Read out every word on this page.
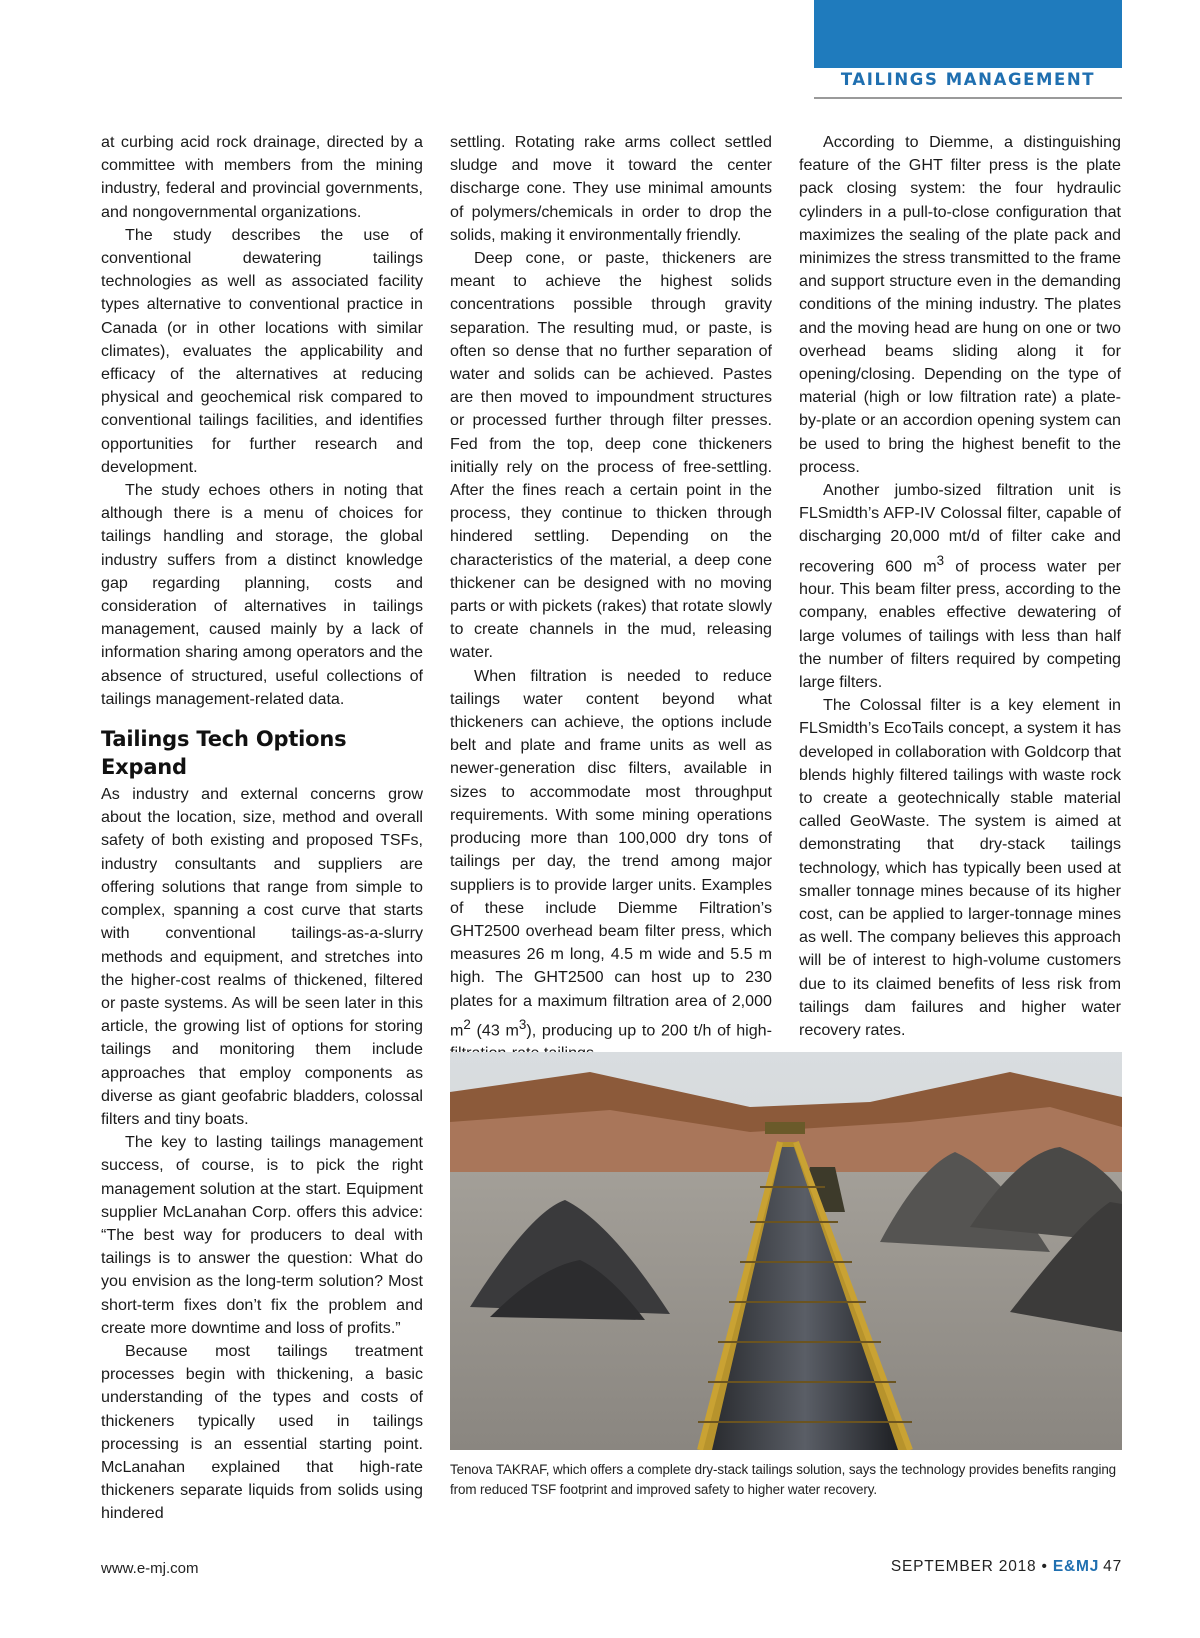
TAILINGS MANAGEMENT

at curbing acid rock drainage, directed by a committee with members from the mining industry, federal and provincial governments, and nongovernmental organizations.

The study describes the use of conventional dewatering tailings technologies as well as associated facility types alternative to conventional practice in Canada (or in other locations with similar climates), evaluates the applicability and efficacy of the alternatives at reducing physical and geochemical risk compared to conventional tailings facilities, and identifies opportunities for further research and development.

The study echoes others in noting that although there is a menu of choices for tailings handling and storage, the global industry suffers from a distinct knowledge gap regarding planning, costs and consideration of alternatives in tailings management, caused mainly by a lack of information sharing among operators and the absence of structured, useful collections of tailings management-related data.

Tailings Tech Options Expand

As industry and external concerns grow about the location, size, method and overall safety of both existing and proposed TSFs, industry consultants and suppliers are offering solutions that range from simple to complex, spanning a cost curve that starts with conventional tailings-as-a-slurry methods and equipment, and stretches into the higher-cost realms of thickened, filtered or paste systems. As will be seen later in this article, the growing list of options for storing tailings and monitoring them include approaches that employ components as diverse as giant geofabric bladders, colossal filters and tiny boats.

The key to lasting tailings management success, of course, is to pick the right management solution at the start. Equipment supplier McLanahan Corp. offers this advice: “The best way for producers to deal with tailings is to answer the question: What do you envision as the long-term solution? Most short-term fixes don’t fix the problem and create more downtime and loss of profits.”

Because most tailings treatment processes begin with thickening, a basic understanding of the types and costs of thickeners typically used in tailings processing is an essential starting point. McLanahan explained that high-rate thickeners separate liquids from solids using hindered

settling. Rotating rake arms collect settled sludge and move it toward the center discharge cone. They use minimal amounts of polymers/chemicals in order to drop the solids, making it environmentally friendly.

Deep cone, or paste, thickeners are meant to achieve the highest solids concentrations possible through gravity separation. The resulting mud, or paste, is often so dense that no further separation of water and solids can be achieved. Pastes are then moved to impoundment structures or processed further through filter presses. Fed from the top, deep cone thickeners initially rely on the process of free-settling. After the fines reach a certain point in the process, they continue to thicken through hindered settling. Depending on the characteristics of the material, a deep cone thickener can be designed with no moving parts or with pickets (rakes) that rotate slowly to create channels in the mud, releasing water.

When filtration is needed to reduce tailings water content beyond what thickeners can achieve, the options include belt and plate and frame units as well as newer-generation disc filters, available in sizes to accommodate most throughput requirements. With some mining operations producing more than 100,000 dry tons of tailings per day, the trend among major suppliers is to provide larger units. Examples of these include Diemme Filtration’s GHT2500 overhead beam filter press, which measures 26 m long, 4.5 m wide and 5.5 m high. The GHT2500 can host up to 230 plates for a maximum filtration area of 2,000 $m^2$ (43 $m^3$), producing up to 200 t/h of high-

According to Diemme, a distinguishing feature of the GHT filter press is the plate pack closing system: the four hydraulic cylinders in a pull-to-close configuration that maximizes the sealing of the plate pack and minimizes the stress transmitted to the frame and support structure even in the demanding conditions of the mining industry. The plates and the moving head are hung on one or two overhead beams sliding along it for opening/closing. Depending on the type of material (high or low filtration rate) a plate-by-plate or an accordion opening system can be used to bring the highest benefit to the process.

Another jumbo-sized filtration unit is FLSmidth’s AFP-IV Colossal filter, capable of discharging 20,000 mt/d of filter cake and recovering 600 $m^3$ of process water per hour. This beam filter press, according to the company, enables effective dewatering of large volumes of tailings with less than half the number of filters required by competing large filters.

The Colossal filter is a key element in FLSmidth’s EcoTails concept, a system it has developed in collaboration with Goldcorp that blends highly filtered tailings with waste rock to create a geotechnically stable material called GeoWaste. The system is aimed at demonstrating that dry-stack tailings technology, which has typically been used at smaller tonnage mines because of its higher cost, can be applied to larger-tonnage mines as well. The company believes this approach will be of interest to high-volume customers due to its claimed benefits of less risk from tailings dam failures and higher water recovery rates.

Tenova TAKRAF, which offers a complete dry-stack tailings solution, says the technology provides benefits ranging from reduced TSF footprint and improved safety to higher water recovery.
www.e-mj.com	SEPTEMBER 2018 • E&MJ 47
